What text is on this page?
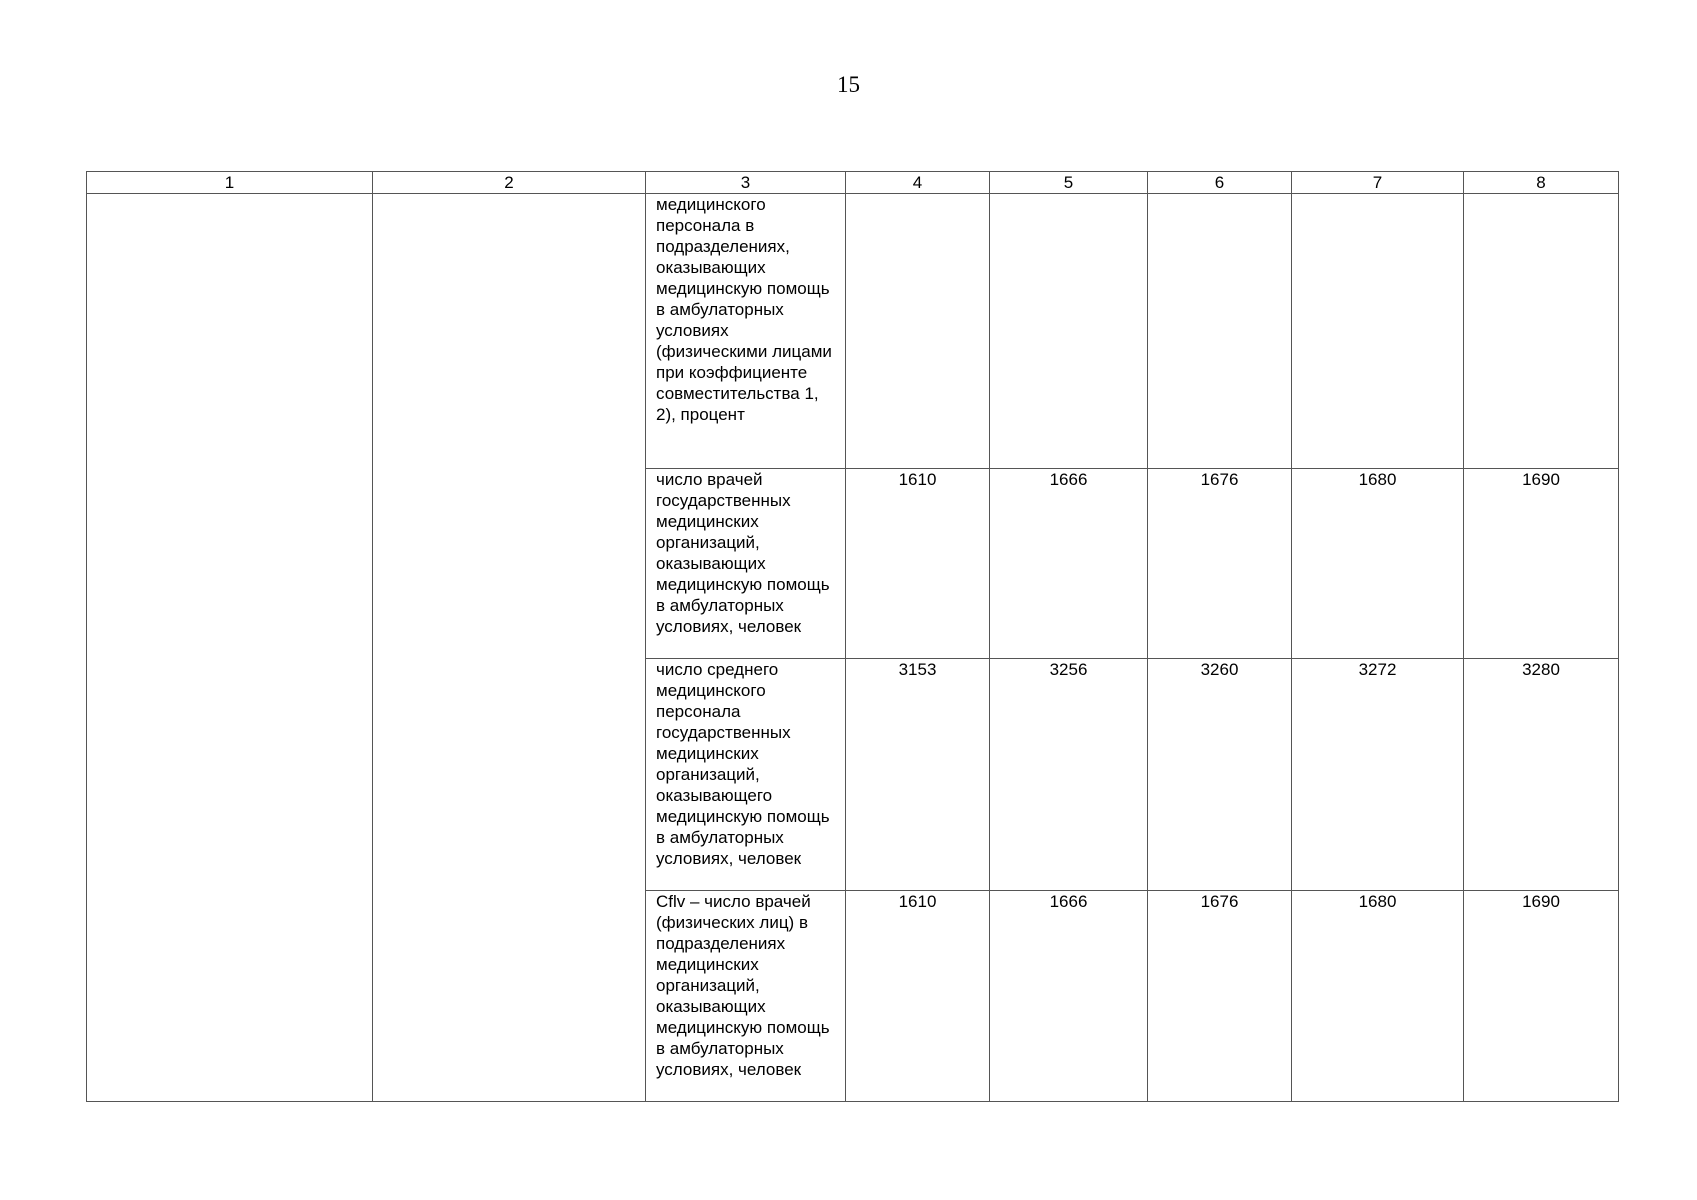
15
1	2	3	4	5	6	7	8
		медицинского персонала в подразделениях, оказывающих медицинскую помощь в амбулаторных условиях (физическими лицами при коэффициенте совместительства 1, 2), процент					
		число врачей государственных медицинских организаций, оказывающих медицинскую помощь в амбулаторных условиях, человек	1610	1666	1676	1680	1690
		число среднего медицинского персонала государственных медицинских организаций, оказывающего медицинскую помощь в амбулаторных условиях, человек	3153	3256	3260	3272	3280
		Cflv – число врачей (физических лиц) в подразделениях медицинских организаций, оказывающих медицинскую помощь в амбулаторных условиях, человек	1610	1666	1676	1680	1690
